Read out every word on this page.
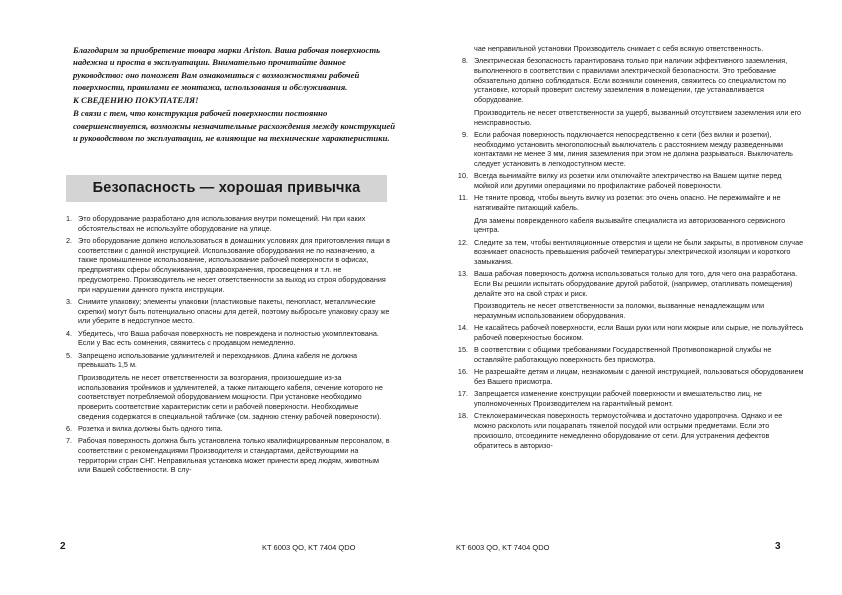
Благодарим за приобретение товара марки Ariston. Ваша рабочая поверхность надежна и проста в эксплуатации. Внимательно прочитайте данное руководство: оно поможет Вам ознакомиться с возможностями рабочей поверхности, правилами ее монтажа, использования и обслуживания.

К СВЕДЕНИЮ ПОКУПАТЕЛЯ!

В связи с тем, что конструкция рабочей поверхности постоянно совершенствуется, возможны незначительные расхождения между конструкцией и руководством по эксплуатации, не влияющие на технические характеристики.

Безопасность — хорошая привычка
1. Это оборудование разработано для использования внутри помещений. Ни при каких обстоятельствах не используйте оборудование на улице.
2. Это оборудование должно использоваться в домашних условиях для приготовления пищи в соответствии с данной инструкцией. Использование оборудования не по назначению, а также промышленное использование, использование рабочей поверхности в офисах, предприятиях сферы обслуживания, здравоохранения, просвещения и т.л. не предусмотрено. Производитель не несет ответственности за выход из строя оборудования при нарушении данного пункта инструкции.
3. Снимите упаковку; элементы упаковки (пластиковые пакеты, пенопласт, металлические скрепки) могут быть потенциально опасны для детей, поэтому выбросьте упаковку сразу же или уберите в недоступное место.
4. Убедитесь, что Ваша рабочая поверхность не повреждена и полностью укомплектована. Если у Вас есть сомнения, свяжитесь с продавцом немедленно.
5. Запрещено использование удлинителей и переходников. Длина кабеля не должна превышать 1,5 м.
Производитель не несет ответственности за возгорания, произошедшие из-за использования тройников и удлинителей, а также питающего кабеля, сечение которого не соответствует потребляемой оборудованием мощности. При установке необходимо проверить соответствие характеристик сети и рабочей поверхности. Необходимые сведения содержатся в специальной табличке (см. заднюю стенку рабочей поверхности).
6. Розетка и вилка должны быть одного типа.
7. Рабочая поверхность должна быть установлена только квалифицированным персоналом, в соответствии с рекомендациями Производителя и стандартами, действующими на территории стран СНГ. Неправильная установка может принести вред людям, животным или Вашей собственности. В слу-
2	KT 6003 QO, KT 7404 QDO
чае неправильной установки Производитель снимает с себя всякую ответственность.
8. Электрическая безопасность гарантирована только при наличии эффективного заземления, выполненного в соответствии с правилами электрической безопасности. Это требование обязательно должно соблюдаться. Если возникли сомнения, свяжитесь со специалистом по установке, который проверит систему заземления в помещении, где устанавливается оборудование.
Производитель не несет ответственности за ущерб, вызванный отсутствием заземления или его неисправностью.
9. Если рабочая поверхность подключается непосредственно к сети (без вилки и розетки), необходимо установить многополюсный выключатель с расстоянием между разведенными контактами не менее 3 мм, линия заземления при этом не должна разрываться. Выключатель следует установить в легкодоступном месте.
10. Всегда вынимайте вилку из розетки или отключайте электричество на Вашем щитке перед мойкой или другими операциями по профилактике рабочей поверхности.
11. Не тяните провод, чтобы вынуть вилку из розетки: это очень опасно. Не пережимайте и не натягивайте питающий кабель.
Для замены поврежденного кабеля вызывайте специалиста из авторизованного сервисного центра.
12. Следите за тем, чтобы вентиляционные отверстия и щели не были закрыты, в противном случае возникает опасность превышения рабочей температуры электрической изоляции и короткого замыкания.
13. Ваша рабочая поверхность должна использоваться только для того, для чего она разработана. Если Вы решили испытать оборудование другой работой, (например, отапливать помещения) делайте это на свой страх и риск.
Производитель не несет ответственности за поломки, вызванные ненадлежащим или неразумным использованием оборудования.
14. Не касайтесь рабочей поверхности, если Ваши руки или ноги мокрые или сырые, не пользуйтесь рабочей поверхностью босиком.
15. В соответствии с общими требованиями Государственной Противопожарной службы не оставляйте работающую поверхность без присмотра.
16. Не разрешайте детям и лицам, незнакомым с данной инструкцией, пользоваться оборудованием без Вашего присмотра.
17. Запрещается изменение конструкции рабочей поверхности и вмешательство лиц, не уполномоченных Производителем на гарантийный ремонт.
18. Стеклокерамическая поверхность термоустойчива и достаточно ударопрочна. Однако и ее можно расколоть или поцарапать тяжелой посудой или острыми предметами. Если это произошло, отсоедините немедленно оборудование от сети. Для устранения дефектов обратитесь в авторизо-
KT 6003 QO, KT 7404 QDO	3
